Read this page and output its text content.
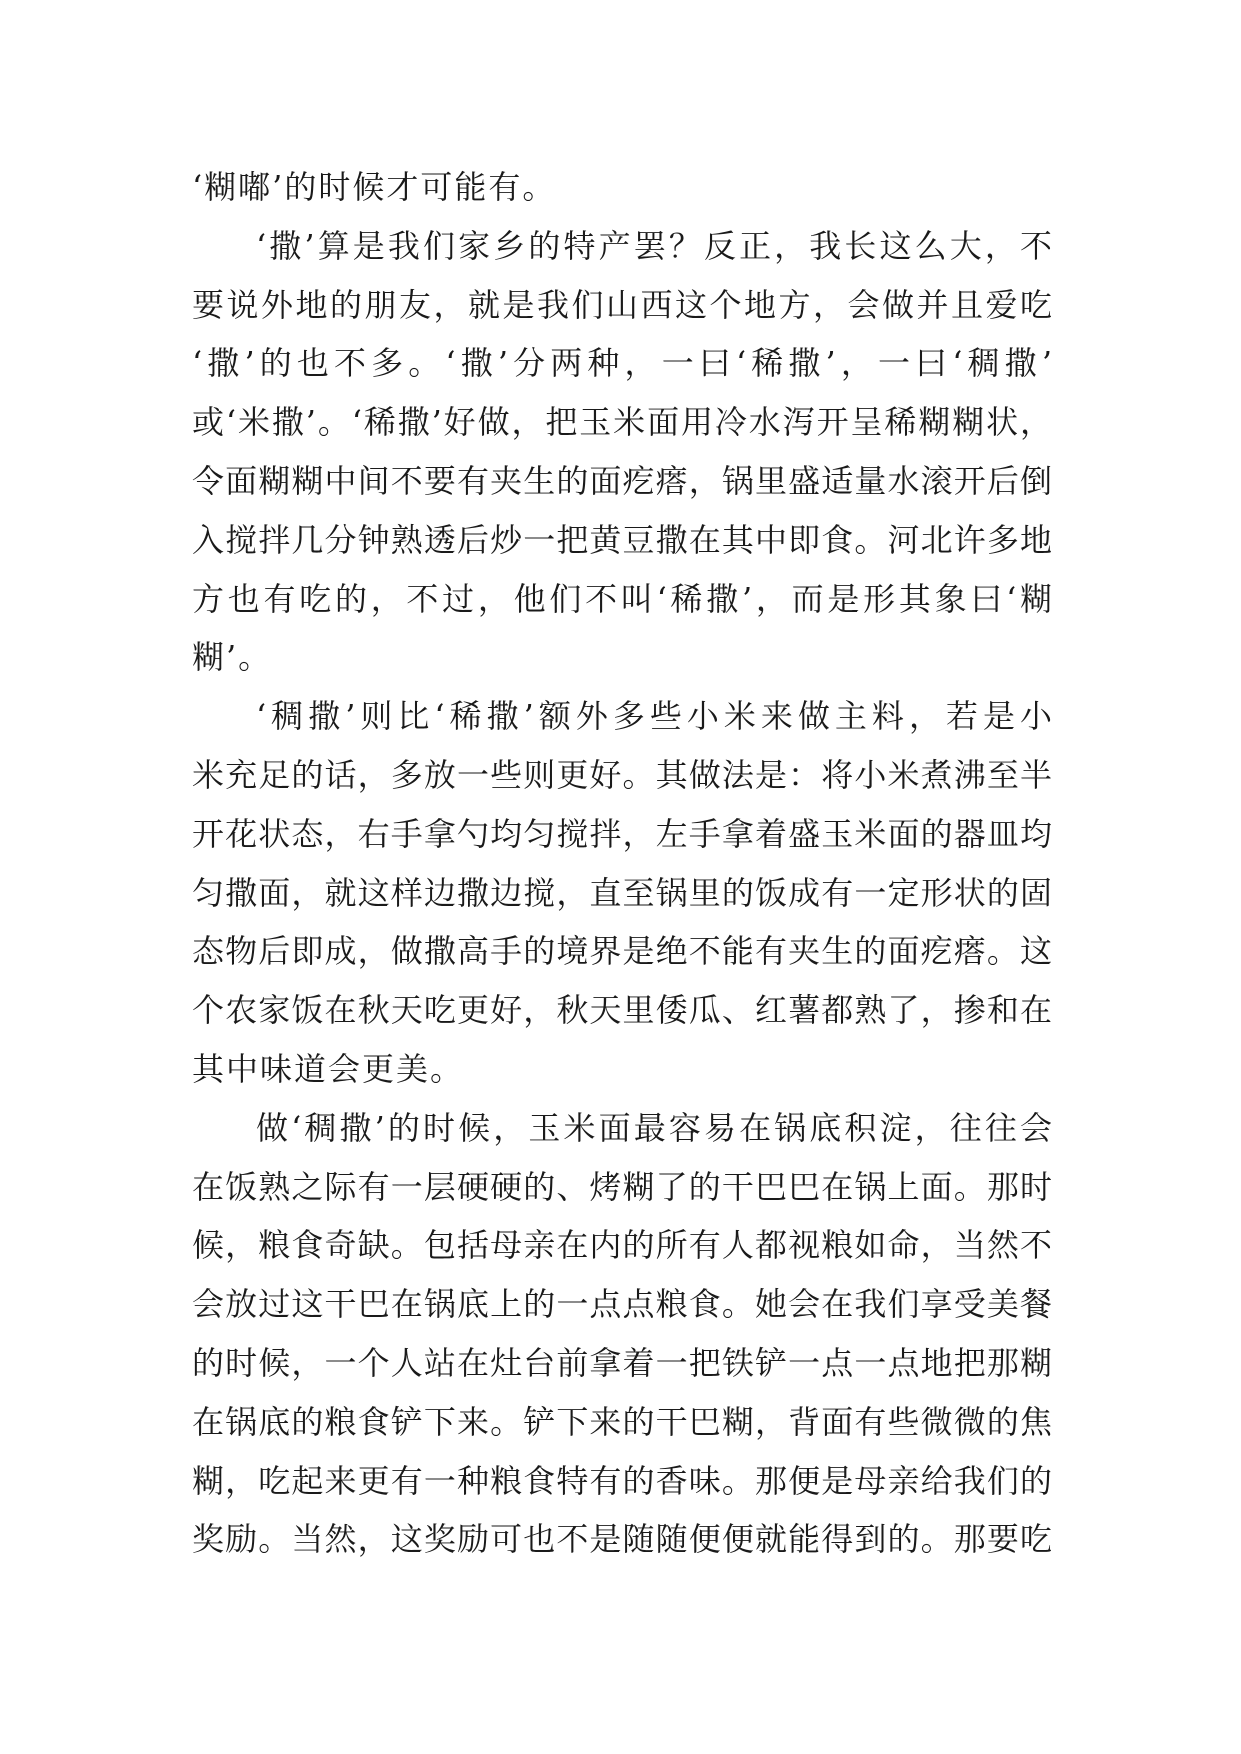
‘糊嘟’的时候才可能有。
‘撒’算是我们家乡的特产罢？反正，我长这么大，不
要说外地的朋友，就是我们山西这个地方，会做并且爱吃
‘撒’的也不多。‘撒’分两种，一曰‘稀撒’，一曰‘稠撒’
或‘米撒’。‘稀撒’好做，把玉米面用冷水泻开呈稀糊糊状，
令面糊糊中间不要有夹生的面疙瘩，锅里盛适量水滚开后倒
入搅拌几分钟熟透后炒一把黄豆撒在其中即食。河北许多地
方也有吃的，不过，他们不叫‘稀撒’，而是形其象曰‘糊
糊’。
‘稠撒’则比‘稀撒’额外多些小米来做主料，若是小
米充足的话，多放一些则更好。其做法是：将小米煮沸至半
开花状态，右手拿勺均匀搅拌，左手拿着盛玉米面的器皿均
匀撒面，就这样边撒边搅，直至锅里的饭成有一定形状的固
态物后即成，做撒高手的境界是绝不能有夹生的面疙瘩。这
个农家饭在秋天吃更好，秋天里倭瓜、红薯都熟了，掺和在
其中味道会更美。
做‘稠撒’的时候，玉米面最容易在锅底积淀，往往会
在饭熟之际有一层硬硬的、烤糊了的干巴巴在锅上面。那时
候，粮食奇缺。包括母亲在内的所有人都视粮如命，当然不
会放过这干巴在锅底上的一点点粮食。她会在我们享受美餐
的时候，一个人站在灶台前拿着一把铁铲一点一点地把那糊
在锅底的粮食铲下来。铲下来的干巴糊，背面有些微微的焦
糊，吃起来更有一种粮食特有的香味。那便是母亲给我们的
奖励。当然，这奖励可也不是随随便便就能得到的。那要吃
